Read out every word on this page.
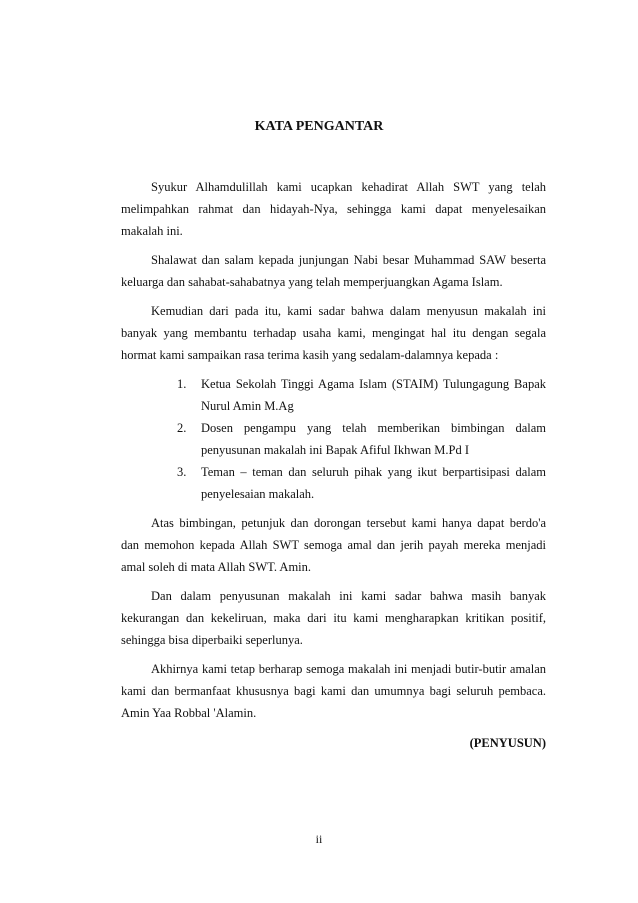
KATA PENGANTAR
Syukur Alhamdulillah kami ucapkan kehadirat Allah SWT yang telah
melimpahkan rahmat dan hidayah-Nya, sehingga kami dapat menyelesaikan
makalah ini.
Shalawat dan salam kepada junjungan Nabi besar Muhammad SAW beserta
keluarga dan sahabat-sahabatnya yang telah memperjuangkan Agama Islam.
Kemudian dari pada itu, kami sadar bahwa dalam menyusun makalah ini
banyak yang membantu terhadap usaha kami, mengingat hal itu dengan segala
hormat kami sampaikan rasa terima kasih yang sedalam-dalamnya kepada :
1.	Ketua Sekolah Tinggi Agama Islam (STAIM) Tulungagung Bapak
Nurul Amin M.Ag
2.	Dosen pengampu yang telah memberikan bimbingan dalam
penyusunan makalah ini Bapak Afiful Ikhwan M.Pd I
3.	Teman – teman dan seluruh pihak yang ikut berpartisipasi dalam
penyelesaian makalah.
Atas bimbingan, petunjuk dan dorongan tersebut kami hanya dapat berdo'a
dan memohon kepada Allah SWT semoga amal dan jerih payah mereka menjadi
amal soleh di mata Allah SWT. Amin.
Dan dalam penyusunan makalah ini kami sadar bahwa masih banyak
kekurangan dan kekeliruan, maka dari itu kami mengharapkan kritikan positif,
sehingga bisa diperbaiki seperlunya.
Akhirnya kami tetap berharap semoga makalah ini menjadi butir-butir amalan
kami dan bermanfaat khususnya bagi kami dan umumnya bagi seluruh pembaca.
Amin Yaa Robbal 'Alamin.
(PENYUSUN)
ii
